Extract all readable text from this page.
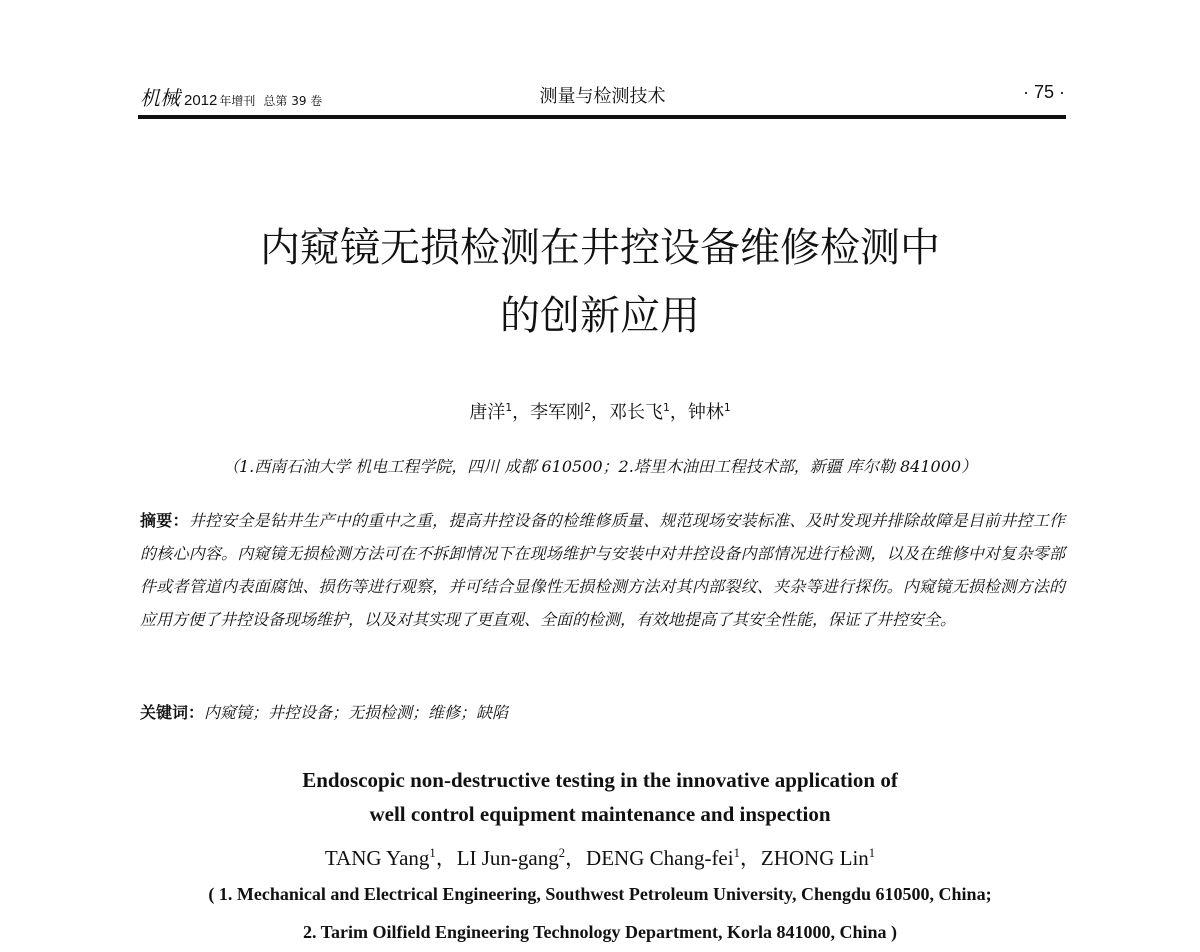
机械 2012 年增刊 总第 39 卷	测量与检测技术	· 75 ·
内窥镜无损检测在井控设备维修检测中
的创新应用
唐洋$^1$，李军刚$^2$，邓长飞$^1$，钟林$^1$
（1.西南石油大学 机电工程学院，四川 成都 610500；2.塔里木油田工程技术部，新疆 库尔勒 841000）
摘要：井控安全是钻井生产中的重中之重，提高井控设备的检维修质量、规范现场安装标准、及时发现并排除故障是目前井控工作的核心内容。内窥镜无损检测方法可在不拆卸情况下在现场维护与安装中对井控设备内部情况进行检测，以及在维修中对复杂零部件或者管道内表面腐蚀、损伤等进行观察，并可结合显像性无损检测方法对其内部裂纹、夹杂等进行探伤。内窥镜无损检测方法的应用方便了井控设备现场维护，以及对其实现了更直观、全面的检测，有效地提高了其安全性能，保证了井控安全。
关键词：内窥镜；井控设备；无损检测；维修；缺陷
Endoscopic non-destructive testing in the innovative application of
well control equipment maintenance and inspection
TANG Yang$^1$，LI Jun-gang$^2$，DENG Chang-fei$^1$，ZHONG Lin$^1$
( 1. Mechanical and Electrical Engineering, Southwest Petroleum University, Chengdu 610500, China;
2. Tarim Oilfield Engineering Technology Department, Korla 841000, China )
